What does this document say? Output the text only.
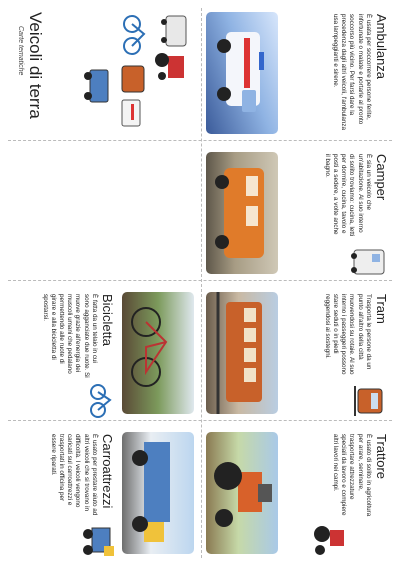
Ambulanza

È usata per soccorrere persone ferite, infortunate o malate e portarle al pronto soccorso più vicino. Per farsi dare la precedenza dagli altri veicoli, l'ambulanza usa lampeggianti e sirene.

Camper

È sia un veicolo che un'abitazione. Al suo interno di solito troviamo: cucina, letti per dormire, cucina, tavolo e posti a sedere, a volte anche il bagno.

Tram

Trasporta le persone da un punto all'altro della città muovendosi su rotaie. Al suo interno i passeggeri possono stare seduti o in piedi reggendosi ai sostegni.

Trattore

È usato di solito in agricoltura per arare, seminare, trasportare attrezzature speciali da lavoro e compiere altri lavori nei campi.

Veicoli di terra
Carte tematiche
Bicicletta

È fatta da un telaio in cui sono agganciate due ruote. Si muove grazie all'energia dei muscoli umani che pedalano permettendo alle ruote di girare e alla bicicletta di spostarsi.

Carroattrezzi

È usato per prestare aiuto ad altri veicoli che si trovano in difficoltà. I veicoli vengono caricati sul carroattrezzi e trasportati in officina per essere riparati.
